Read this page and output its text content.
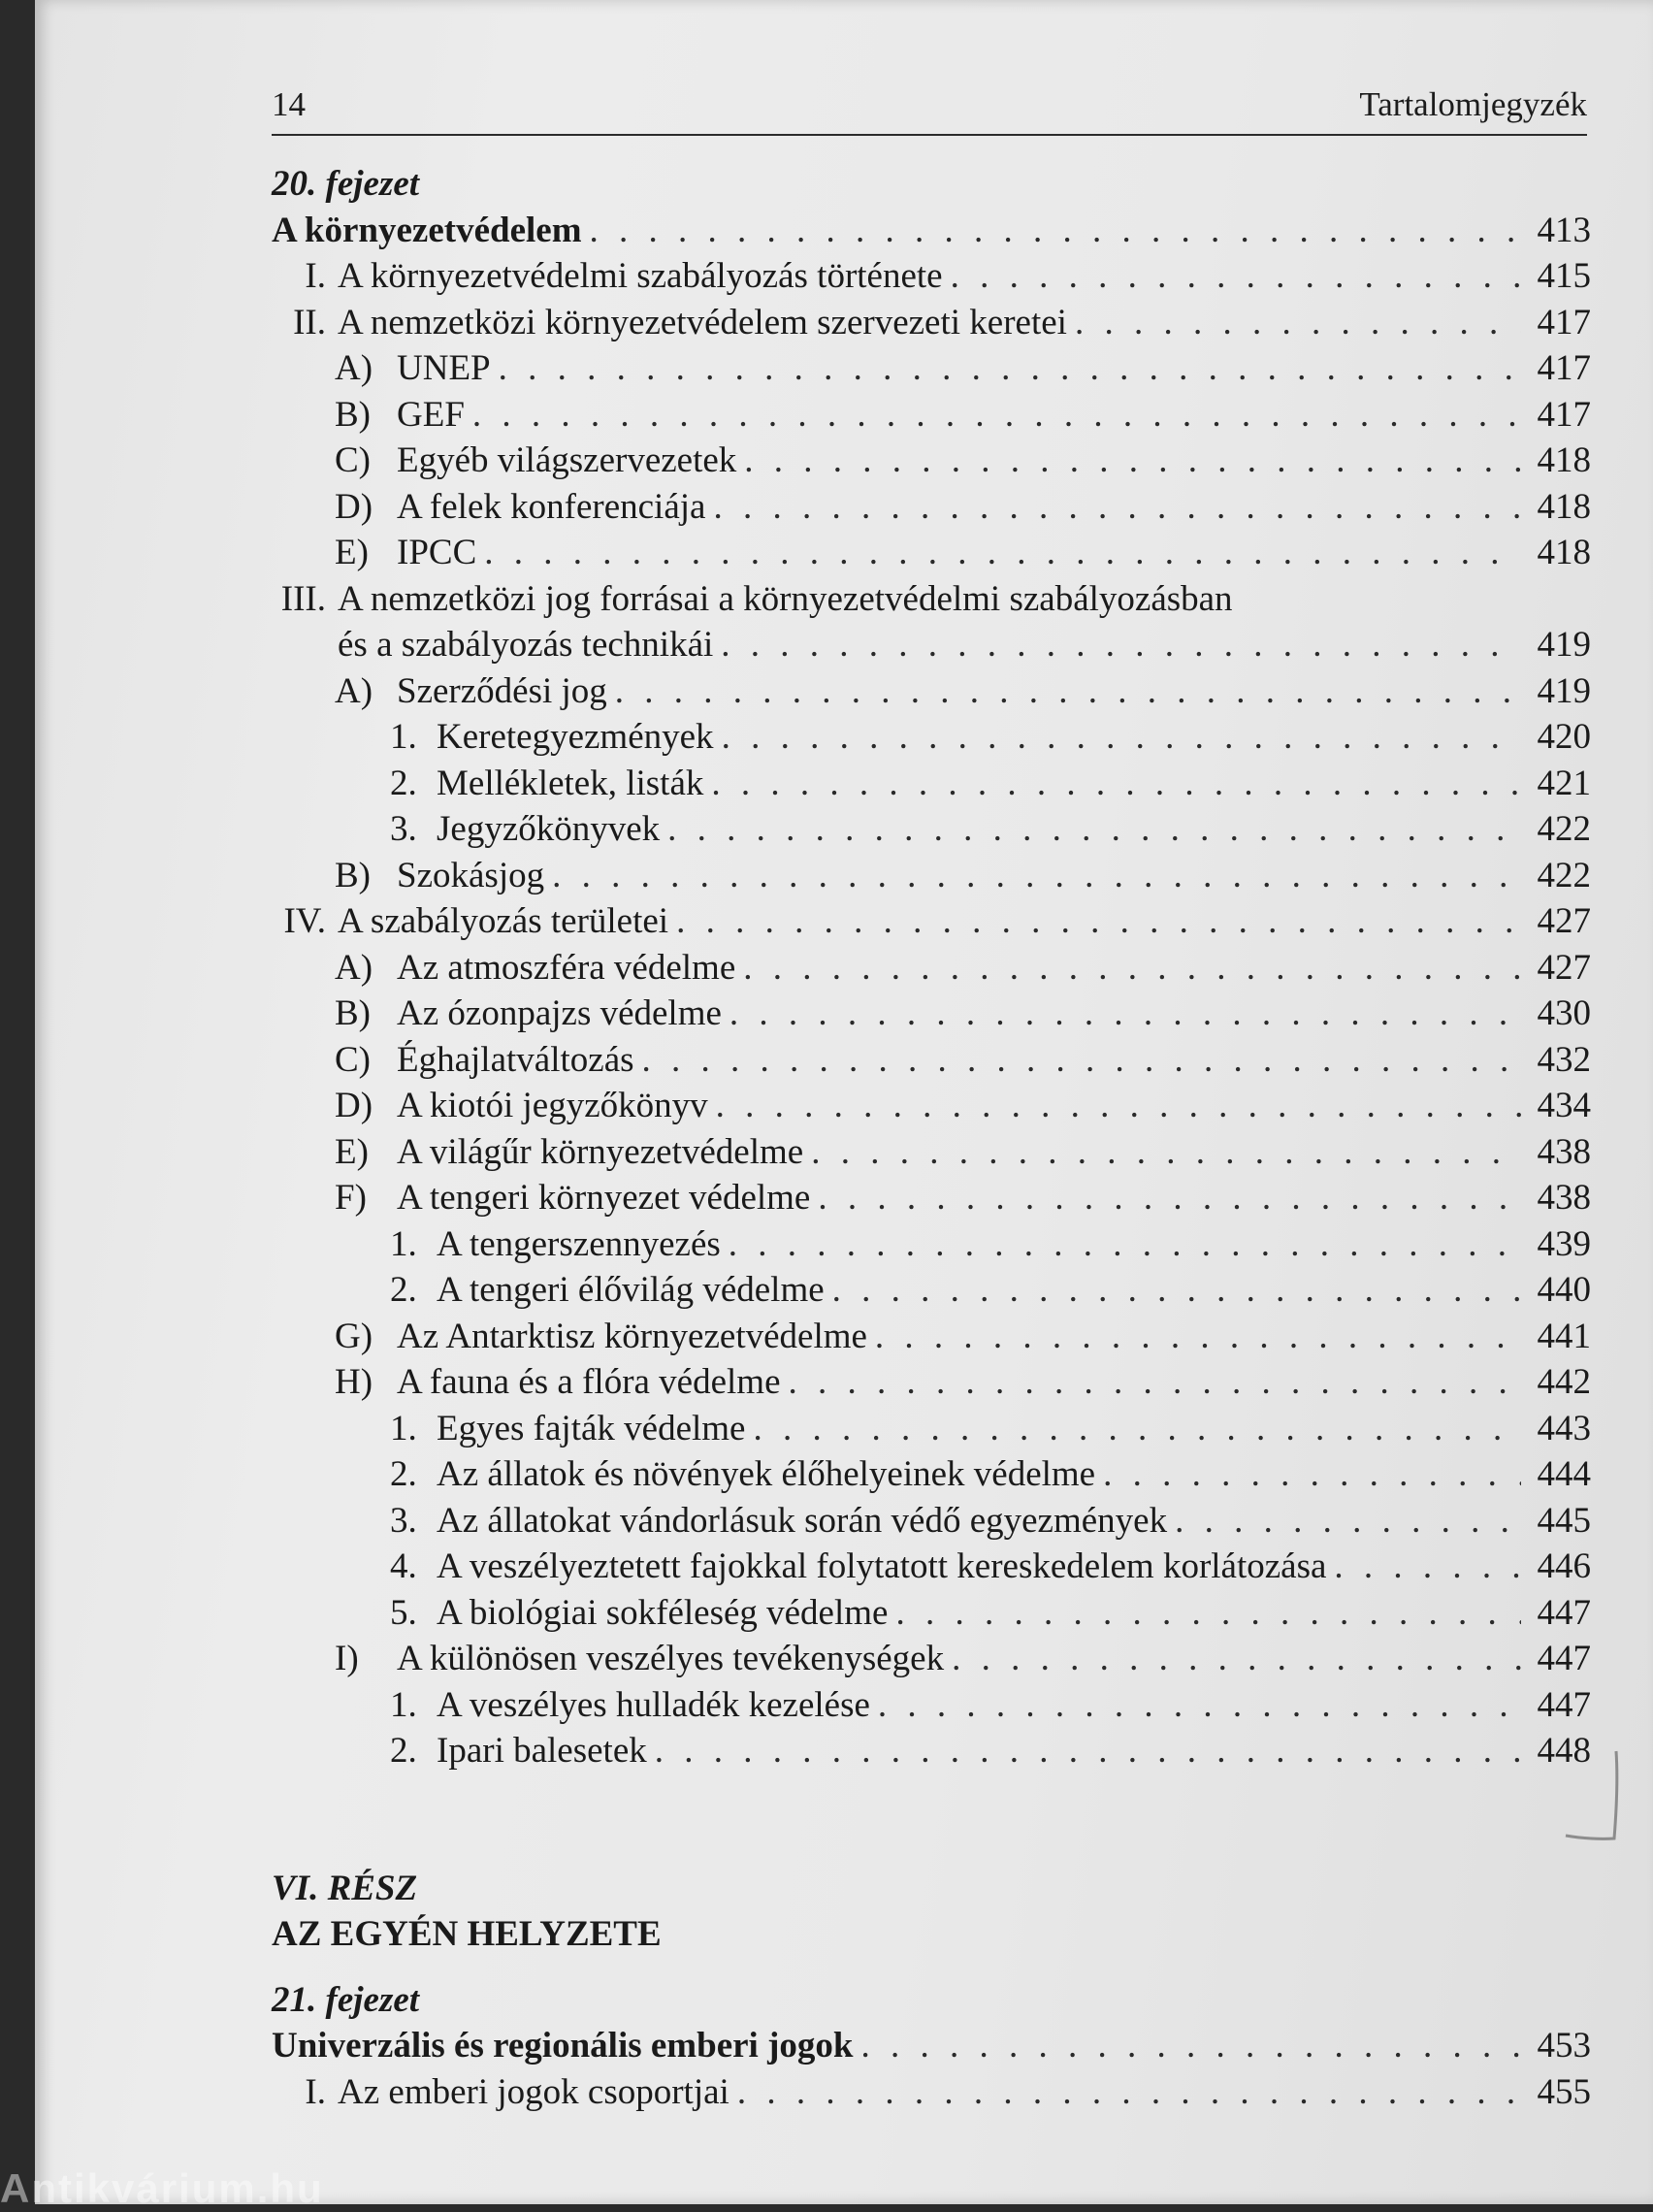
14	Tartalomjegyzék
20. fejezet
A környezetvédelem . . .	413
I. A környezetvédelmi szabályozás története . . .	415
II. A nemzetközi környezetvédelem szervezeti keretei . . .	417
A) UNEP . . .	417
B) GEF . . .	417
C) Egyéb világszervezetek . . .	418
D) A felek konferenciája . . .	418
E) IPCC . . .	418
III. A nemzetközi jog forrásai a környezetvédelmi szabályozásban
és a szabályozás technikái . . .	419
A) Szerződési jog . . .	419
1. Keretegyezmények . . .	420
2. Mellékletek, listák . . .	421
3. Jegyzőkönyvek . . .	422
B) Szokásjog . . .	422
IV. A szabályozás területei . . .	427
A) Az atmoszféra védelme . . .	427
B) Az ózonpajzs védelme . . .	430
C) Éghajlatváltozás . . .	432
D) A kiotói jegyzőkönyv . . .	434
E) A világűr környezetvédelme . . .	438
F) A tengeri környezet védelme . . .	438
1. A tengerszennyezés . . .	439
2. A tengeri élővilág védelme . . .	440
G) Az Antarktisz környezetvédelme . . .	441
H) A fauna és a flóra védelme . . .	442
1. Egyes fajták védelme . . .	443
2. Az állatok és növények élőhelyeinek védelme . . .	444
3. Az állatokat vándorlásuk során védő egyezmények . . .	445
4. A veszélyeztetett fajokkal folytatott kereskedelem korlátozása . . .	446
5. A biológiai sokféleség védelme . . .	447
I)	A különösen veszélyes tevékenységek . . .	447
1. A veszélyes hulladék kezelése . . .	447
2. Ipari balesetek . . .	448
VI. RÉSZ
AZ EGYÉN HELYZETE
21. fejezet
Univerzális és regionális emberi jogok . . .	453
I. Az emberi jogok csoportjai . . .	455
Antikvárium.hu
